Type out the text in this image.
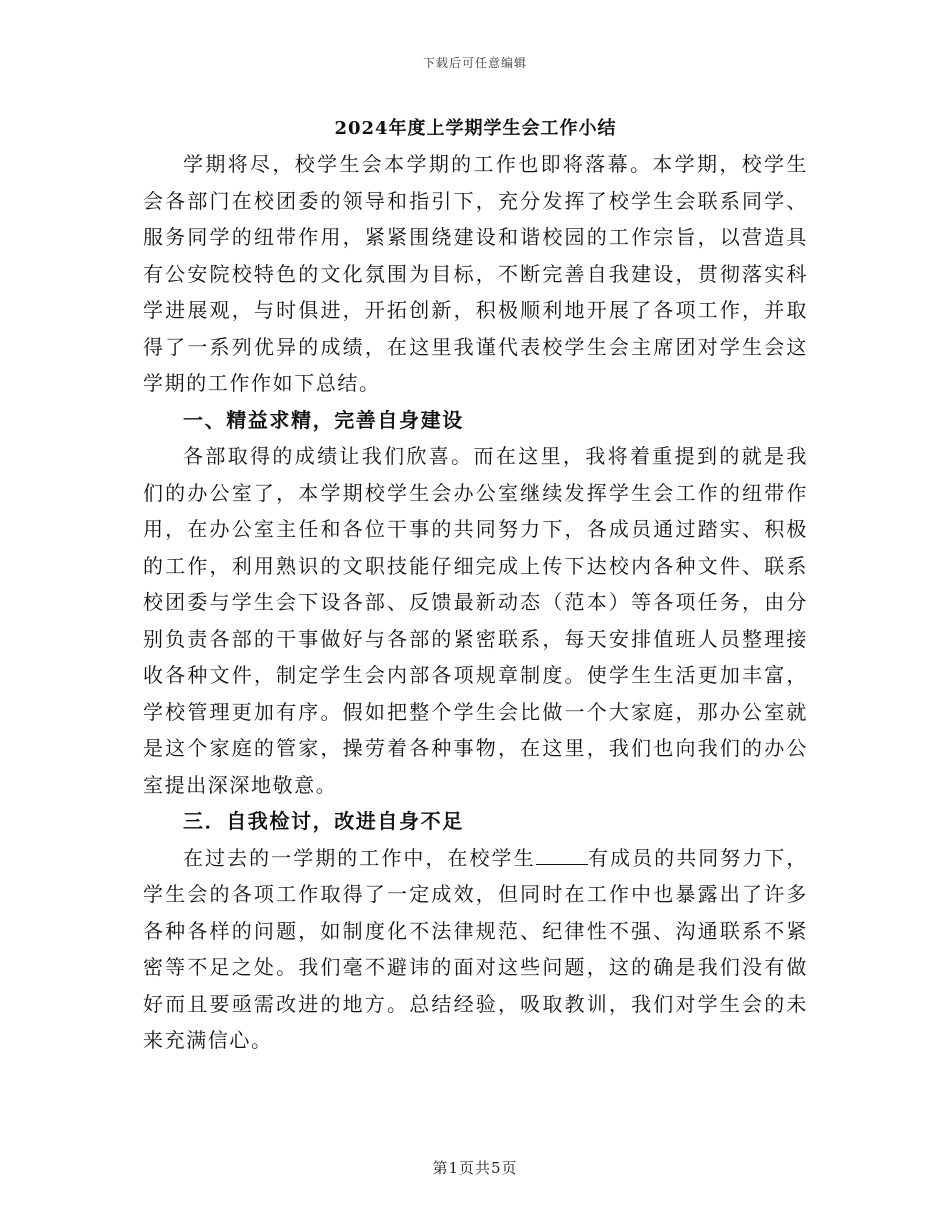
下载后可任意编辑
2024年度上学期学生会工作小结

学期将尽，校学生会本学期的工作也即将落幕。本学期，校学生会各部门在校团委的领导和指引下，充分发挥了校学生会联系同学、服务同学的纽带作用，紧紧围绕建设和谐校园的工作宗旨，以营造具有公安院校特色的文化氛围为目标，不断完善自我建设，贯彻落实科学进展观，与时俱进，开拓创新，积极顺利地开展了各项工作，并取得了一系列优异的成绩，在这里我谨代表校学生会主席团对学生会这学期的工作作如下总结。

一、精益求精，完善自身建设

各部取得的成绩让我们欣喜。而在这里，我将着重提到的就是我们的办公室了，本学期校学生会办公室继续发挥学生会工作的纽带作用，在办公室主任和各位干事的共同努力下，各成员通过踏实、积极的工作，利用熟识的文职技能仔细完成上传下达校内各种文件、联系校团委与学生会下设各部、反馈最新动态（范本）等各项任务，由分别负责各部的干事做好与各部的紧密联系，每天安排值班人员整理接收各种文件，制定学生会内部各项规章制度。使学生生活更加丰富，学校管理更加有序。假如把整个学生会比做一个大家庭，那办公室就是这个家庭的管家，操劳着各种事物，在这里，我们也向我们的办公室提出深深地敬意。

三．自我检讨，改进自身不足

在过去的一学期的工作中，在校学生	有成员的共同努力下，学生会的各项工作取得了一定成效，但同时在工作中也暴露出了许多各种各样的问题，如制度化不法律规范、纪律性不强、沟通联系不紧密等不足之处。我们毫不避讳的面对这些问题，这的确是我们没有做好而且要亟需改进的地方。总结经验，吸取教训，我们对学生会的未来充满信心。

第1页共5页
